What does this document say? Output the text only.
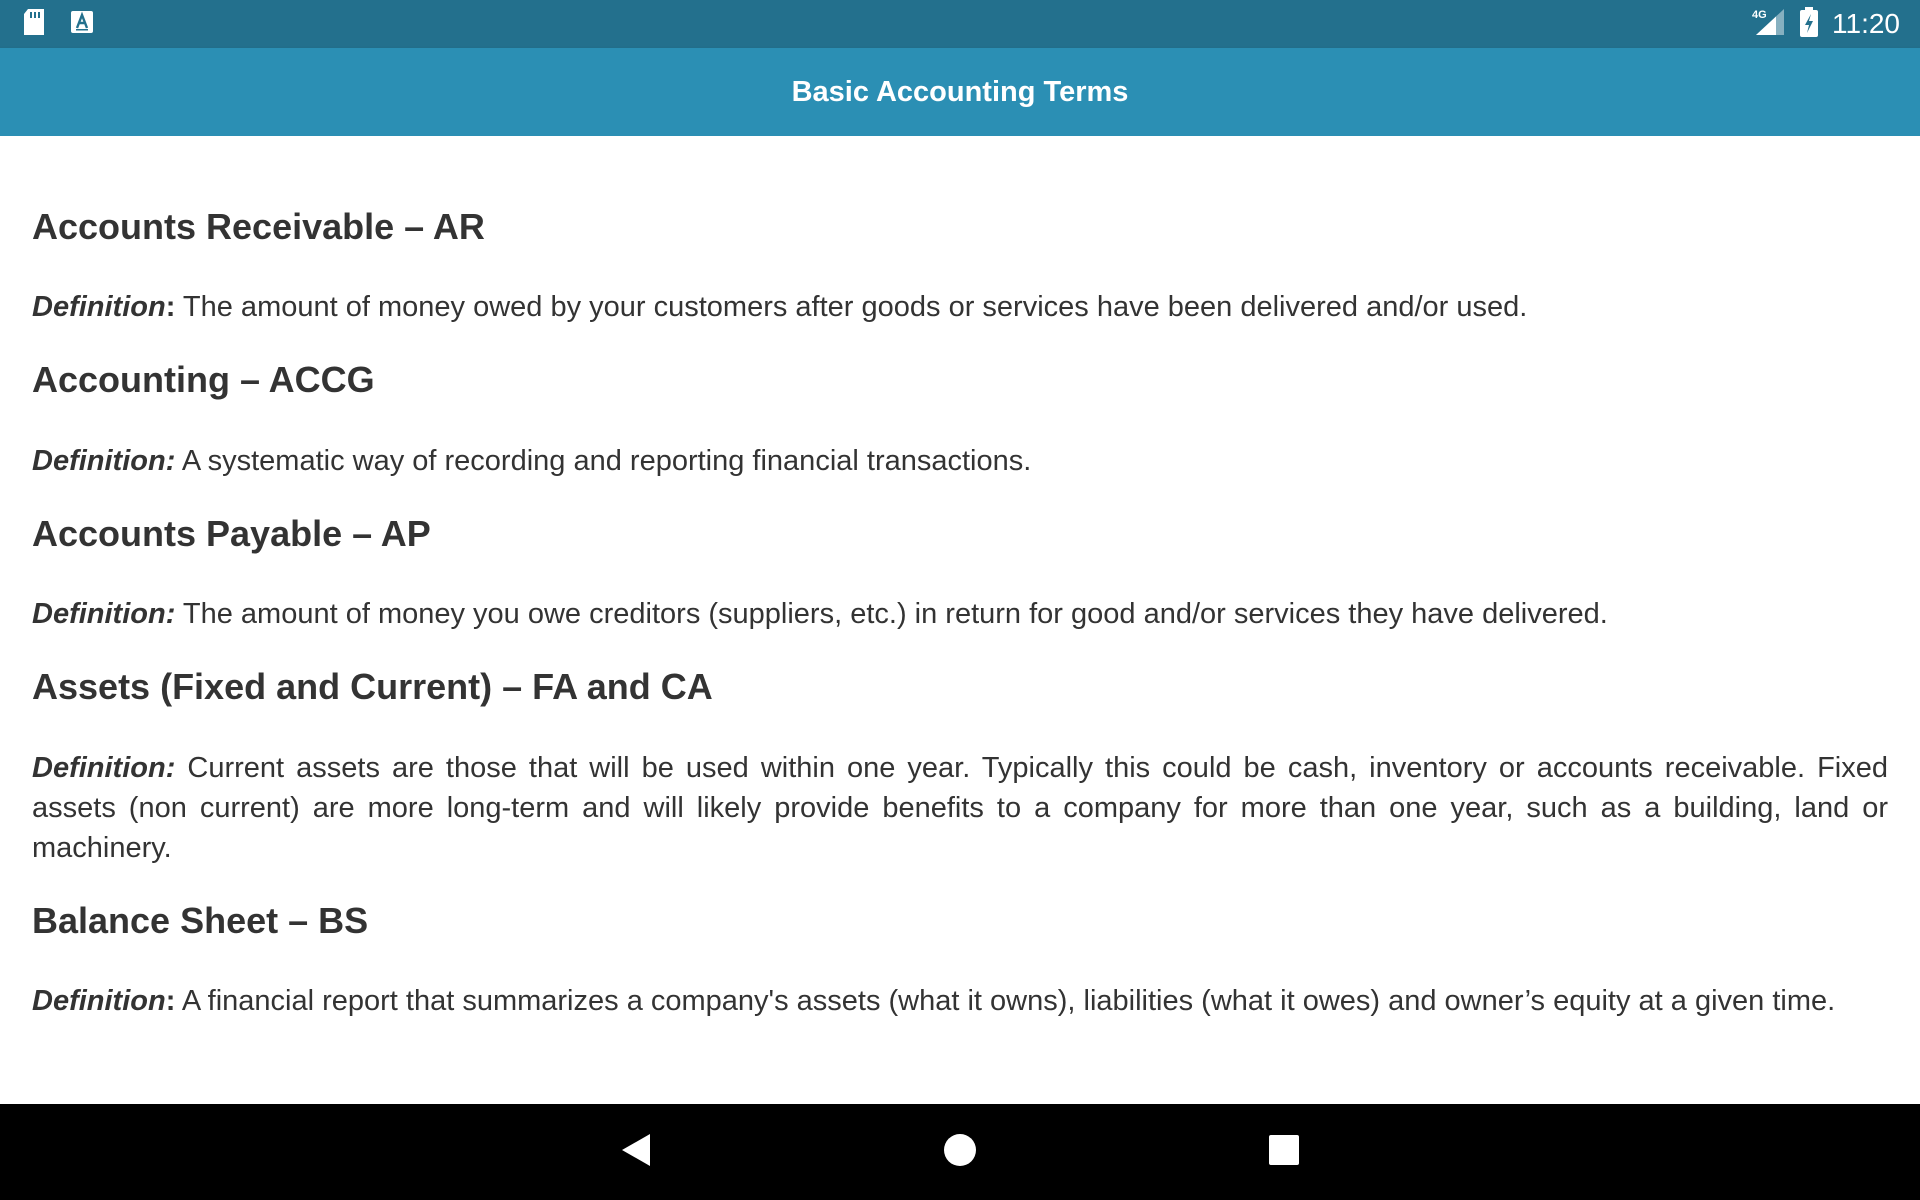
4G 11:20
Basic Accounting Terms
Accounts Receivable – AR

Definition: The amount of money owed by your customers after goods or services have been delivered and/or used.

Accounting – ACCG

Definition: A systematic way of recording and reporting financial transactions.

Accounts Payable – AP

Definition: The amount of money you owe creditors (suppliers, etc.) in return for good and/or services they have delivered.

Assets (Fixed and Current) – FA and CA

Definition: Current assets are those that will be used within one year. Typically this could be cash, inventory or accounts receivable. Fixed assets (non current) are more long-term and will likely provide benefits to a company for more than one year, such as a building, land or machinery.

Balance Sheet – BS

Definition: A financial report that summarizes a company's assets (what it owns), liabilities (what it owes) and owner’s equity at a given time.
